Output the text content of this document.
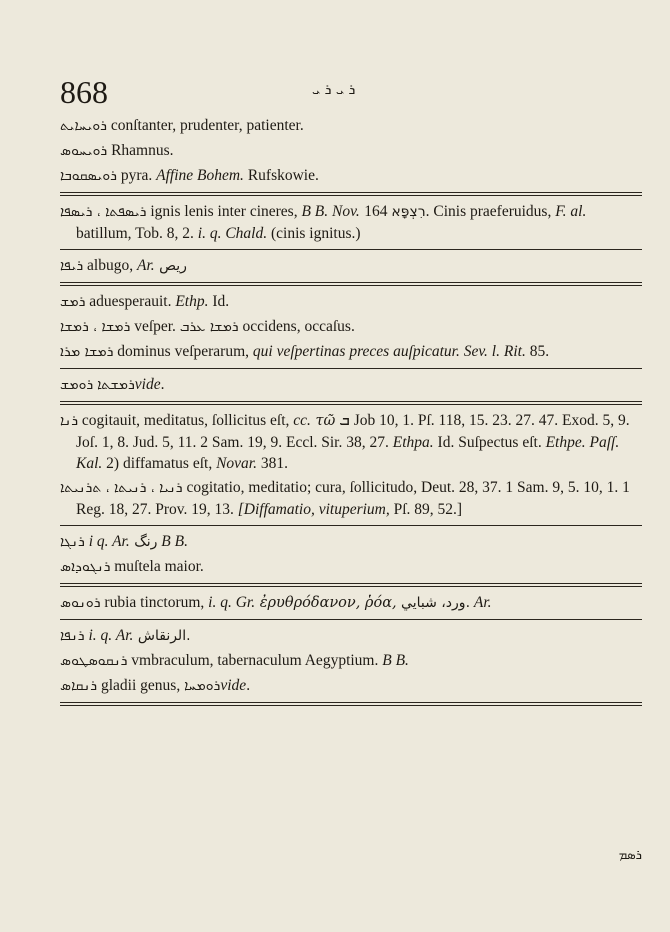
868	ܪ ܝ ܪ ܝ
ܪܘܝܚܐܝܬ conſtanter, prudenter, patienter.
ܪܘܝܚܘܣ Rhamnus.
ܪܘܝܣܩܘܒܐ pyra. Affine Bohem. Rufskowie.
ܪܝܣܦܬܐ ، ܪܝܣܦܐ ignis lenis inter cineres, B B. Nov. רִצְפָּא 164. Cinis praeferuidus, F. al. batillum, Tob. 8, 2. i. q. Chald. (cinis ignitus.)
ܪܝܦܐ albugo, Ar. ريص
ܪܡܫ aduesperauit. Ethp. Id.
ܪܡܫܐ ، ܪܡܫܐ veſper. ܪܡܫܐ ܥܪܒ occidens, occaſus.
ܪܡܫܐ ܡܪܐ dominus veſperarum, qui veſpertinas preces auſpicatur. Sev. l. Rit. 85.
ܪܡܫܬܐ ܪܘܡܫ	vide.
ܪܢܐ cogitauit, meditatus, ſollicitus eſt, cc. τῶ ܒ Job 10, 1. Pſ. 118, 15. 23. 27. 47. Exod. 5, 9. Joſ. 1, 8. Jud. 5, 11. 2 Sam. 19, 9. Eccl. Sir. 38, 27. Ethpa. Id. Suſpectus eſt. Ethpe. Paſſ. Kal. 2) diffamatus eſt, Novar. 381.
ܪܢܝܐ ، ܪܢܝܬܐ ، ܬܪܢܝܬܐ cogitatio, meditatio; cura, ſollicitudo, Deut. 28, 37. 1 Sam. 9, 5. 10, 1. 1 Reg. 18, 27. Prov. 19, 13. [Diffamatio, vituperium, Pſ. 89, 52.]
ܪܢܓܐ i q. Ar. رنگ B B.
ܪܢܓܘܕܐܣ muſtela maior.
ܪܘܢܘܣ rubia tinctorum, i. q. Gr. ἐρυθρόδανον, ῥόα, ورد، شبايي. Ar.
ܪܢܦܐ i. q. Ar. الرنقاش.
ܪܢܩܘܣܛܘܣ vmbraculum, tabernaculum Aegyptium. B B.
ܪܢܩܐܣ gladii genus, ܪܘܡܚܐvide.
ܪܣܡ
